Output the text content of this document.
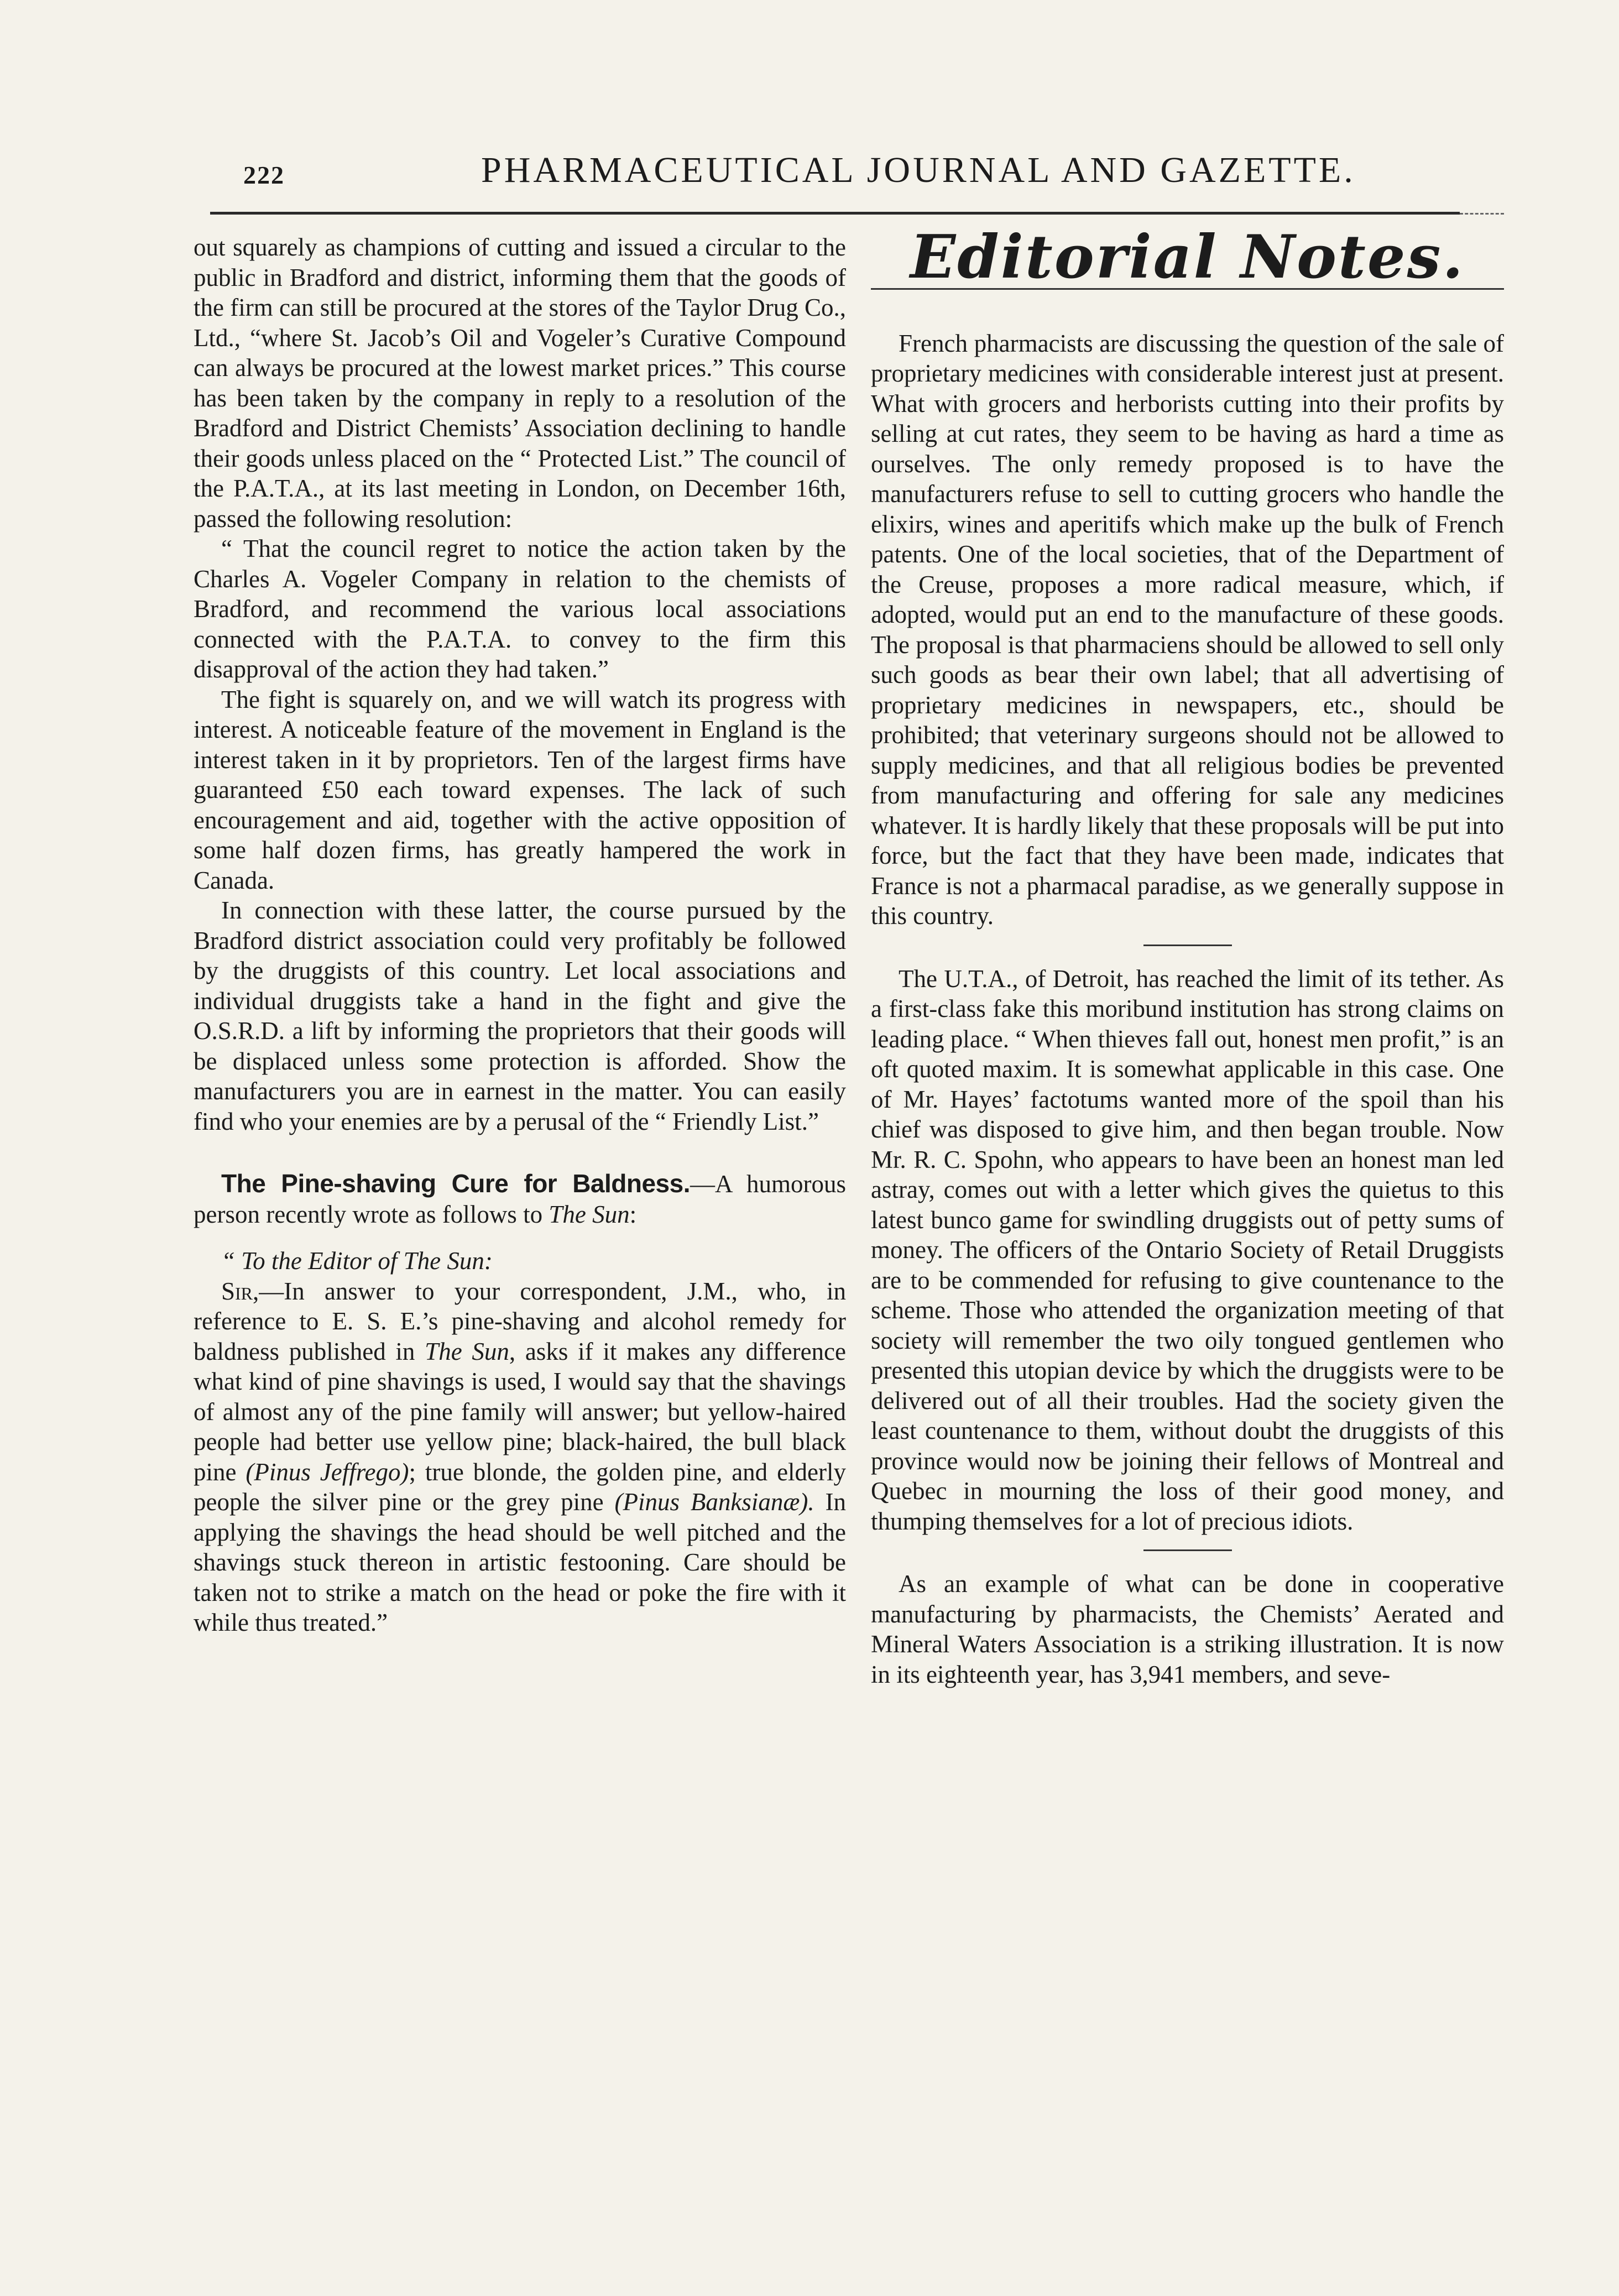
222	PHARMACEUTICAL JOURNAL AND GAZETTE.

out squarely as champions of cutting and issued a circular to the public in Bradford and district, informing them that the goods of the firm can still be procured at the stores of the Taylor Drug Co., Ltd., “where St. Jacob’s Oil and Vogeler’s Curative Compound can always be procured at the lowest market prices.” This course has been taken by the company in reply to a resolution of the Bradford and District Chemists’ Association declining to handle their goods unless placed on the “ Protected List.” The council of the P.A.T.A., at its last meeting in London, on December 16th, passed the following resolution:

“ That the council regret to notice the action taken by the Charles A. Vogeler Company in relation to the chemists of Bradford, and recommend the various local associations connected with the P.A.T.A. to convey to the firm this disapproval of the action they had taken.”

The fight is squarely on, and we will watch its progress with interest. A noticeable feature of the movement in England is the interest taken in it by proprietors. Ten of the largest firms have guaranteed £50 each toward expenses. The lack of such encouragement and aid, together with the active opposition of some half dozen firms, has greatly hampered the work in Canada.

In connection with these latter, the course pursued by the Bradford district association could very profitably be followed by the druggists of this country. Let local associations and individual druggists take a hand in the fight and give the O.S.R.D. a lift by informing the proprietors that their goods will be displaced unless some protection is afforded. Show the manufacturers you are in earnest in the matter. You can easily find who your enemies are by a perusal of the “ Friendly List.”

The Pine-shaving Cure for Baldness.—A humorous person recently wrote as follows to The Sun:

“ To the Editor of The Sun:

Sir,—In answer to your correspondent, J.M., who, in reference to E. S. E.’s pine-shaving and alcohol remedy for baldness published in The Sun, asks if it makes any difference what kind of pine shavings is used, I would say that the shavings of almost any of the pine family will answer; but yellow-haired people had better use yellow pine; black-haired, the bull black pine (Pinus Jeffrego); true blonde, the golden pine, and elderly people the silver pine or the grey pine (Pinus Banksianæ). In applying the shavings the head should be well pitched and the shavings stuck thereon in artistic festooning. Care should be taken not to strike a match on the head or poke the fire with it while thus treated.”

Editorial Notes.

French pharmacists are discussing the question of the sale of proprietary medicines with considerable interest just at present. What with grocers and herborists cutting into their profits by selling at cut rates, they seem to be having as hard a time as ourselves. The only remedy proposed is to have the manufacturers refuse to sell to cutting grocers who handle the elixirs, wines and aperitifs which make up the bulk of French patents. One of the local societies, that of the Department of the Creuse, proposes a more radical measure, which, if adopted, would put an end to the manufacture of these goods. The proposal is that pharmaciens should be allowed to sell only such goods as bear their own label; that all advertising of proprietary medicines in newspapers, etc., should be prohibited; that veterinary surgeons should not be allowed to supply medicines, and that all religious bodies be prevented from manufacturing and offering for sale any medicines whatever. It is hardly likely that these proposals will be put into force, but the fact that they have been made, indicates that France is not a pharmacal paradise, as we generally suppose in this country.

The U.T.A., of Detroit, has reached the limit of its tether. As a first-class fake this moribund institution has strong claims on leading place. “ When thieves fall out, honest men profit,” is an oft quoted maxim. It is somewhat applicable in this case. One of Mr. Hayes’ factotums wanted more of the spoil than his chief was disposed to give him, and then began trouble. Now Mr. R. C. Spohn, who appears to have been an honest man led astray, comes out with a letter which gives the quietus to this latest bunco game for swindling druggists out of petty sums of money. The officers of the Ontario Society of Retail Druggists are to be commended for refusing to give countenance to the scheme. Those who attended the organization meeting of that society will remember the two oily tongued gentlemen who presented this utopian device by which the druggists were to be delivered out of all their troubles. Had the society given the least countenance to them, without doubt the druggists of this province would now be joining their fellows of Montreal and Quebec in mourning the loss of their good money, and thumping themselves for a lot of precious idiots.

As an example of what can be done in cooperative manufacturing by pharmacists, the Chemists’ Aerated and Mineral Waters Association is a striking illustration. It is now in its eighteenth year, has 3,941 members, and seve-
